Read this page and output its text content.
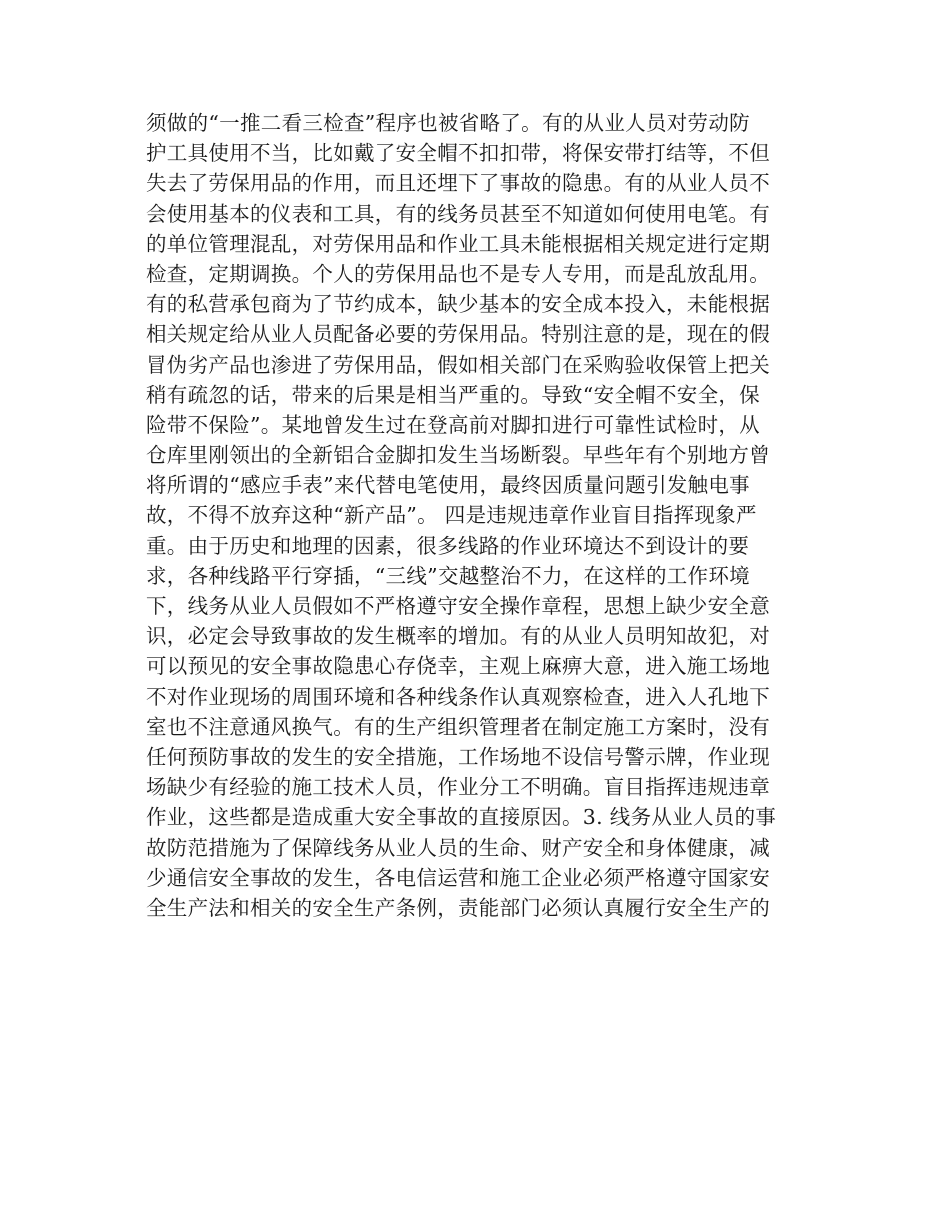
须做的“一推二看三检查”程序也被省略了。有的从业人员对劳动防
护工具使用不当，比如戴了安全帽不扣扣带，将保安带打结等，不但
失去了劳保用品的作用，而且还埋下了事故的隐患。有的从业人员不
会使用基本的仪表和工具，有的线务员甚至不知道如何使用电笔。有
的单位管理混乱，对劳保用品和作业工具未能根据相关规定进行定期
检查，定期调换。个人的劳保用品也不是专人专用，而是乱放乱用。
有的私营承包商为了节约成本，缺少基本的安全成本投入，未能根据
相关规定给从业人员配备必要的劳保用品。特别注意的是，现在的假
冒伪劣产品也渗进了劳保用品，假如相关部门在采购验收保管上把关
稍有疏忽的话，带来的后果是相当严重的。导致“安全帽不安全，保
险带不保险”。某地曾发生过在登高前对脚扣进行可靠性试检时，从
仓库里刚领出的全新铝合金脚扣发生当场断裂。早些年有个别地方曾
将所谓的“感应手表”来代替电笔使用，最终因质量问题引发触电事
故，不得不放弃这种“新产品”。 四是违规违章作业盲目指挥现象严
重。由于历史和地理的因素，很多线路的作业环境达不到设计的要
求，各种线路平行穿插，“三线”交越整治不力，在这样的工作环境
下，线务从业人员假如不严格遵守安全操作章程，思想上缺少安全意
识，必定会导致事故的发生概率的增加。有的从业人员明知故犯，对
可以预见的安全事故隐患心存侥幸，主观上麻痹大意，进入施工场地
不对作业现场的周围环境和各种线条作认真观察检查，进入人孔地下
室也不注意通风换气。有的生产组织管理者在制定施工方案时，没有
任何预防事故的发生的安全措施，工作场地不设信号警示牌，作业现
场缺少有经验的施工技术人员，作业分工不明确。盲目指挥违规违章
作业，这些都是造成重大安全事故的直接原因。3. 线务从业人员的事
故防范措施为了保障线务从业人员的生命、财产安全和身体健康，减
少通信安全事故的发生，各电信运营和施工企业必须严格遵守国家安
全生产法和相关的安全生产条例，责能部门必须认真履行安全生产的
